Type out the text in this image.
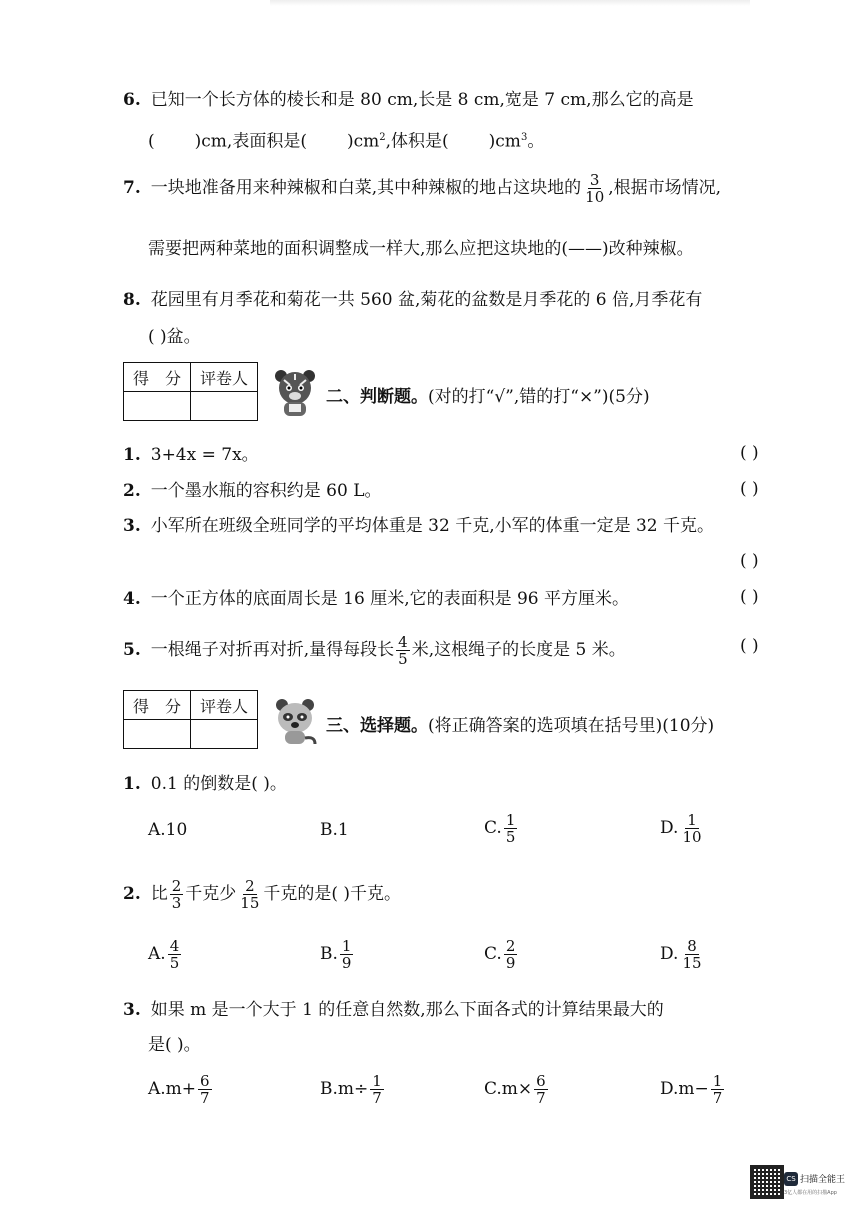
6. 已知一个长方体的棱长和是 80 cm,长是 8 cm,宽是 7 cm,那么它的高是
( )cm,表面积是( )$cm^2$,体积是( )$cm^3$。
7. 一块地准备用来种辣椒和白菜,其中种辣椒的地占这块地的 $\frac{3}{10}$ ,根据市场情况,
需要把两种菜地的面积调整成一样大,那么应把这块地的(——)改种辣椒。
8. 花园里有月季花和菊花一共 560 盆,菊花的盆数是月季花的 6 倍,月季花有
( )盆。
得　分	评卷人

二、判断题。(对的打“√”,错的打“×”)(5分)
1. 3+4x = 7x。	( )
2. 一个墨水瓶的容积约是 60 L。	( )
3. 小军所在班级全班同学的平均体重是 32 千克,小军的体重一定是 32 千克。
( )
4. 一个正方体的底面周长是 16 厘米,它的表面积是 96 平方厘米。	( )
5. 一根绳子对折再对折,量得每段长 $\frac{4}{5}$ 米,这根绳子的长度是 5 米。	( )
得　分	评卷人

三、选择题。(将正确答案的选项填在括号里)(10分)
1. 0.1 的倒数是( )。
A.10	B.1	C. $\frac{1}{5}$	D. $\frac{1}{10}$
2. 比 $\frac{2}{3}$ 千克少 $\frac{2}{15}$ 千克的是( )千克。
A. $\frac{4}{5}$	B. $\frac{1}{9}$	C. $\frac{2}{9}$	D. $\frac{8}{15}$
3. 如果 m 是一个大于 1 的任意自然数,那么下面各式的计算结果最大的
是( )。
$A.m+ \frac{6}{7}$	$B.m\div \frac{1}{7}$	$C.m\times \frac{6}{7}$	$D.m- \frac{1}{7}$
CS 扫描全能王
3亿人都在用的扫描App
